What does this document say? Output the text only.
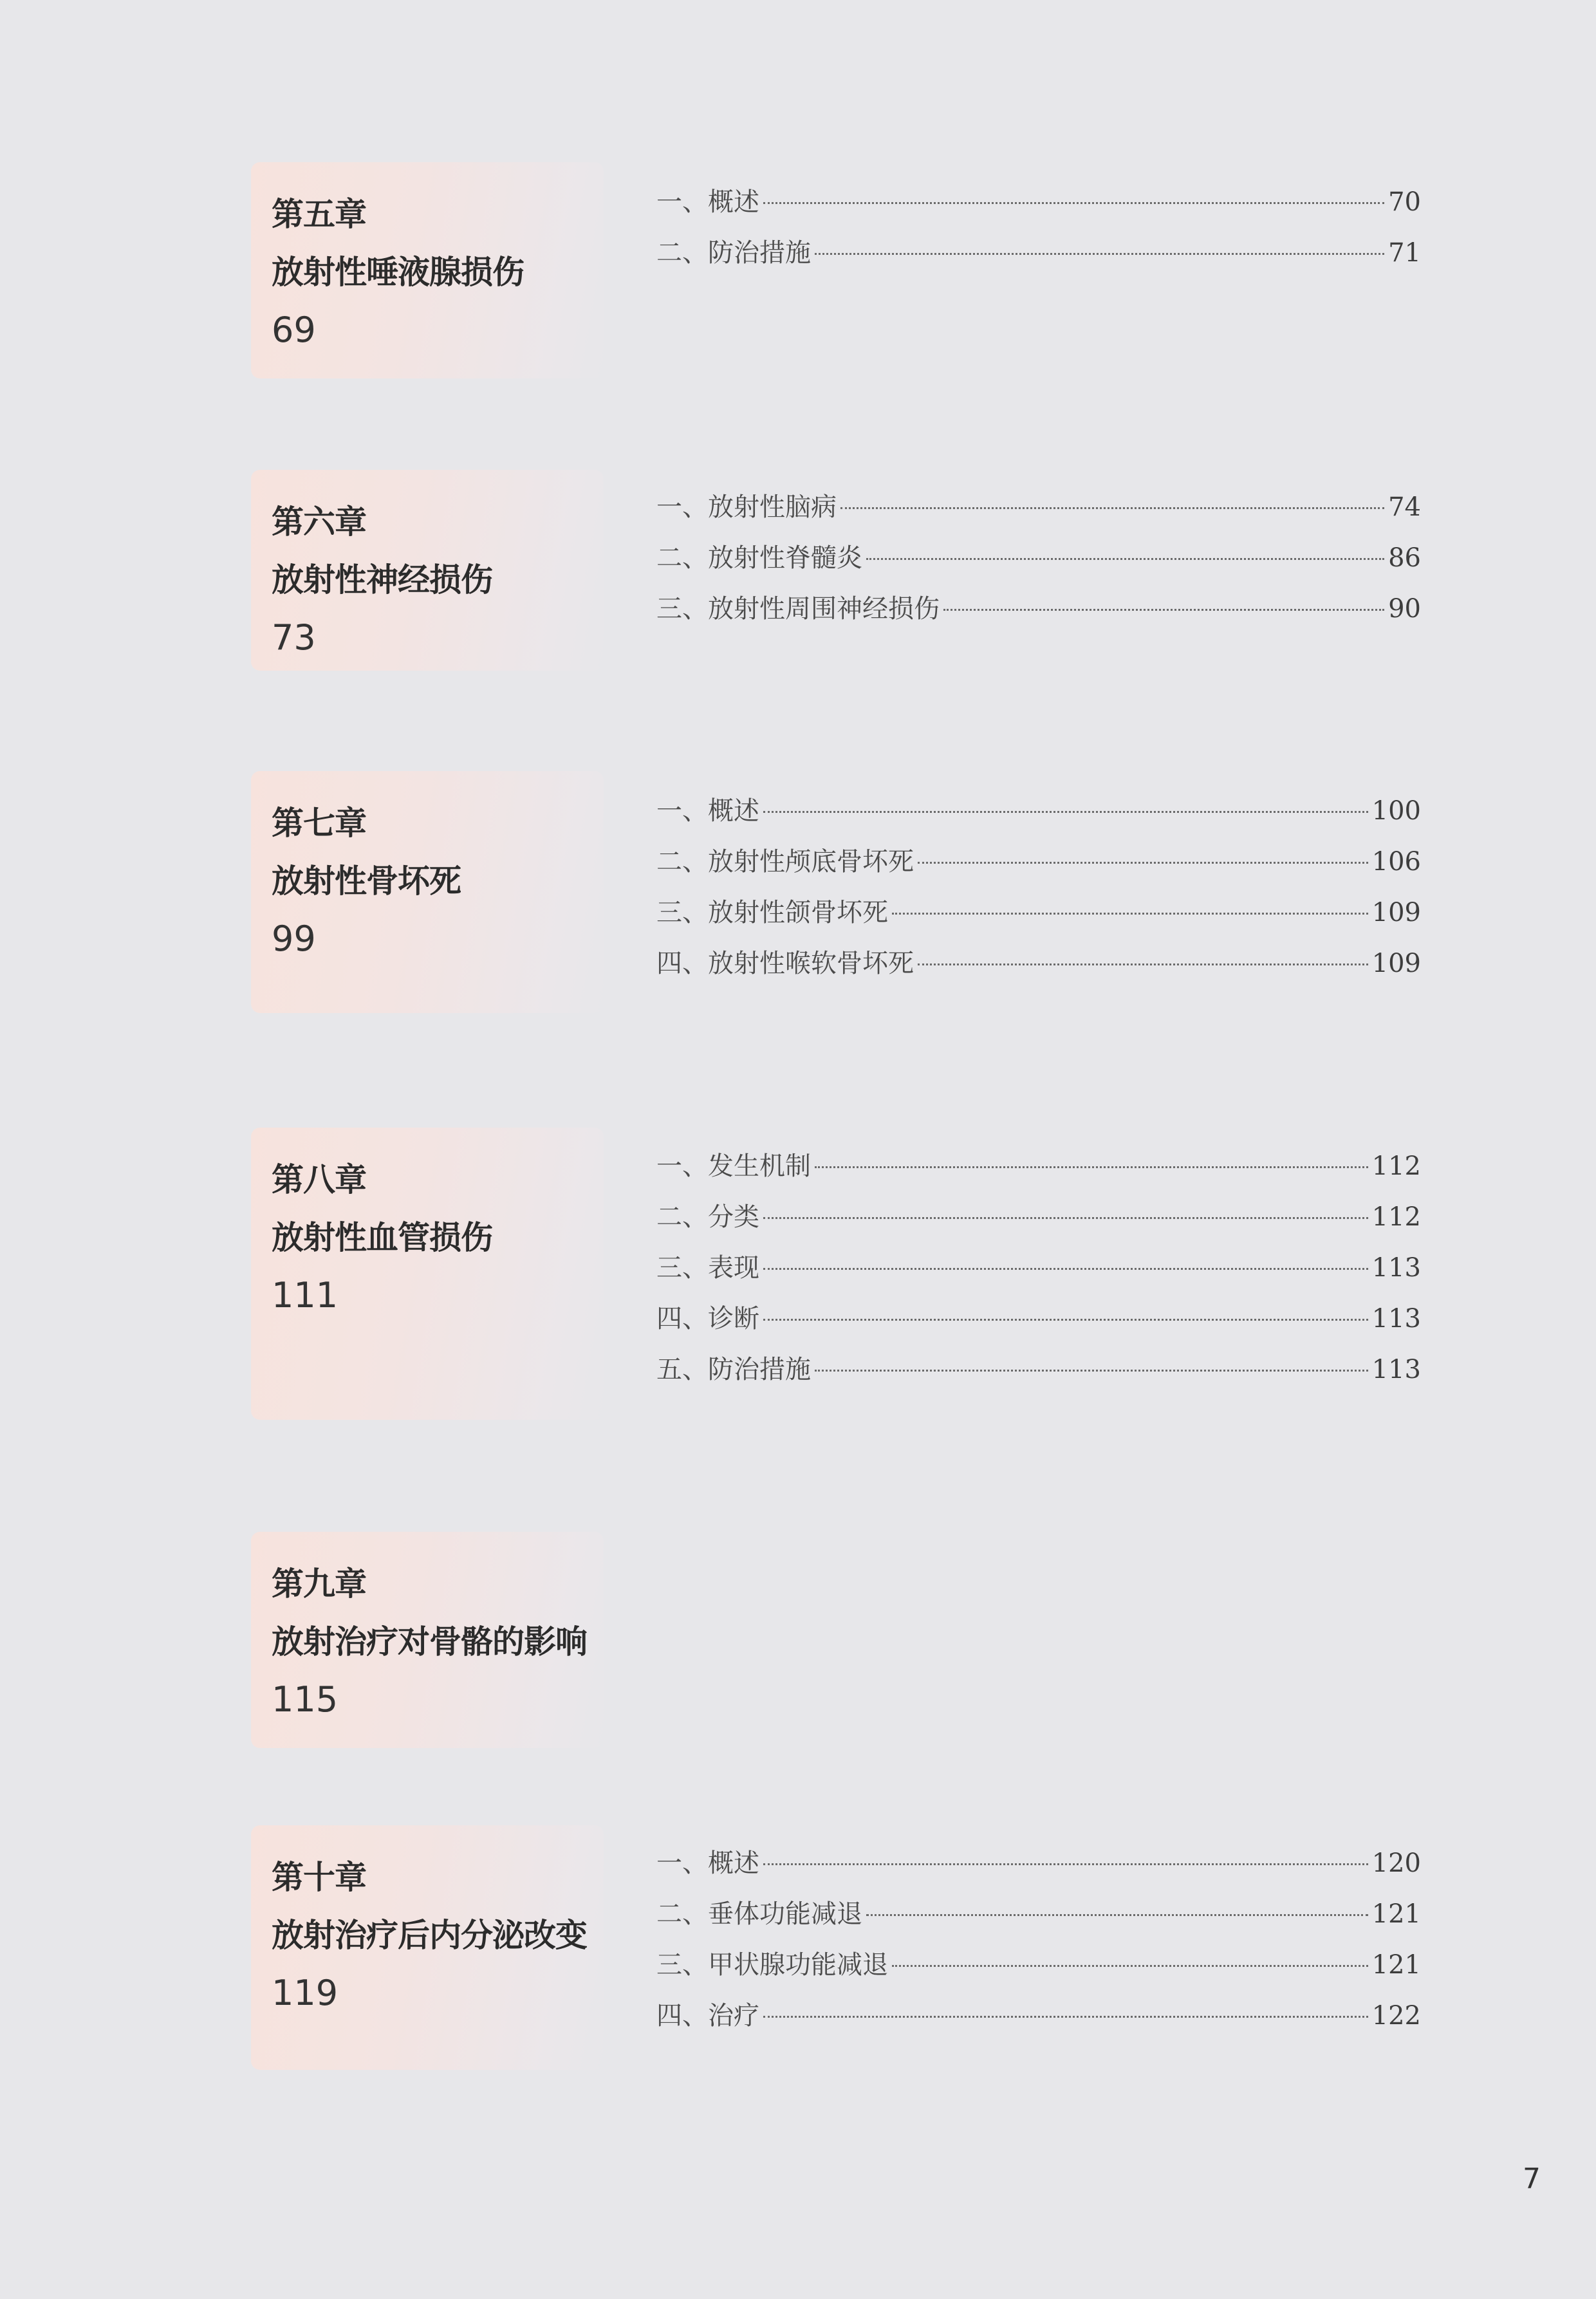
第五章
放射性唾液腺损伤
69
一、 概述	70
二、 防治措施	71
第六章
放射性神经损伤
73
一、 放射性脑病	74
二、 放射性脊髓炎	86
三、 放射性周围神经损伤	90
第七章
放射性骨坏死
99
一、 概述	100
二、 放射性颅底骨坏死	106
三、 放射性颌骨坏死	109
四、 放射性喉软骨坏死	109
第八章
放射性血管损伤
111
一、 发生机制	112
二、 分类	112
三、 表现	113
四、 诊断	113
五、 防治措施	113
第九章
放射治疗对骨骼的影响
115
第十章
放射治疗后内分泌改变
119
一、 概述	120
二、 垂体功能减退	121
三、 甲状腺功能减退	121
四、 治疗	122
7
